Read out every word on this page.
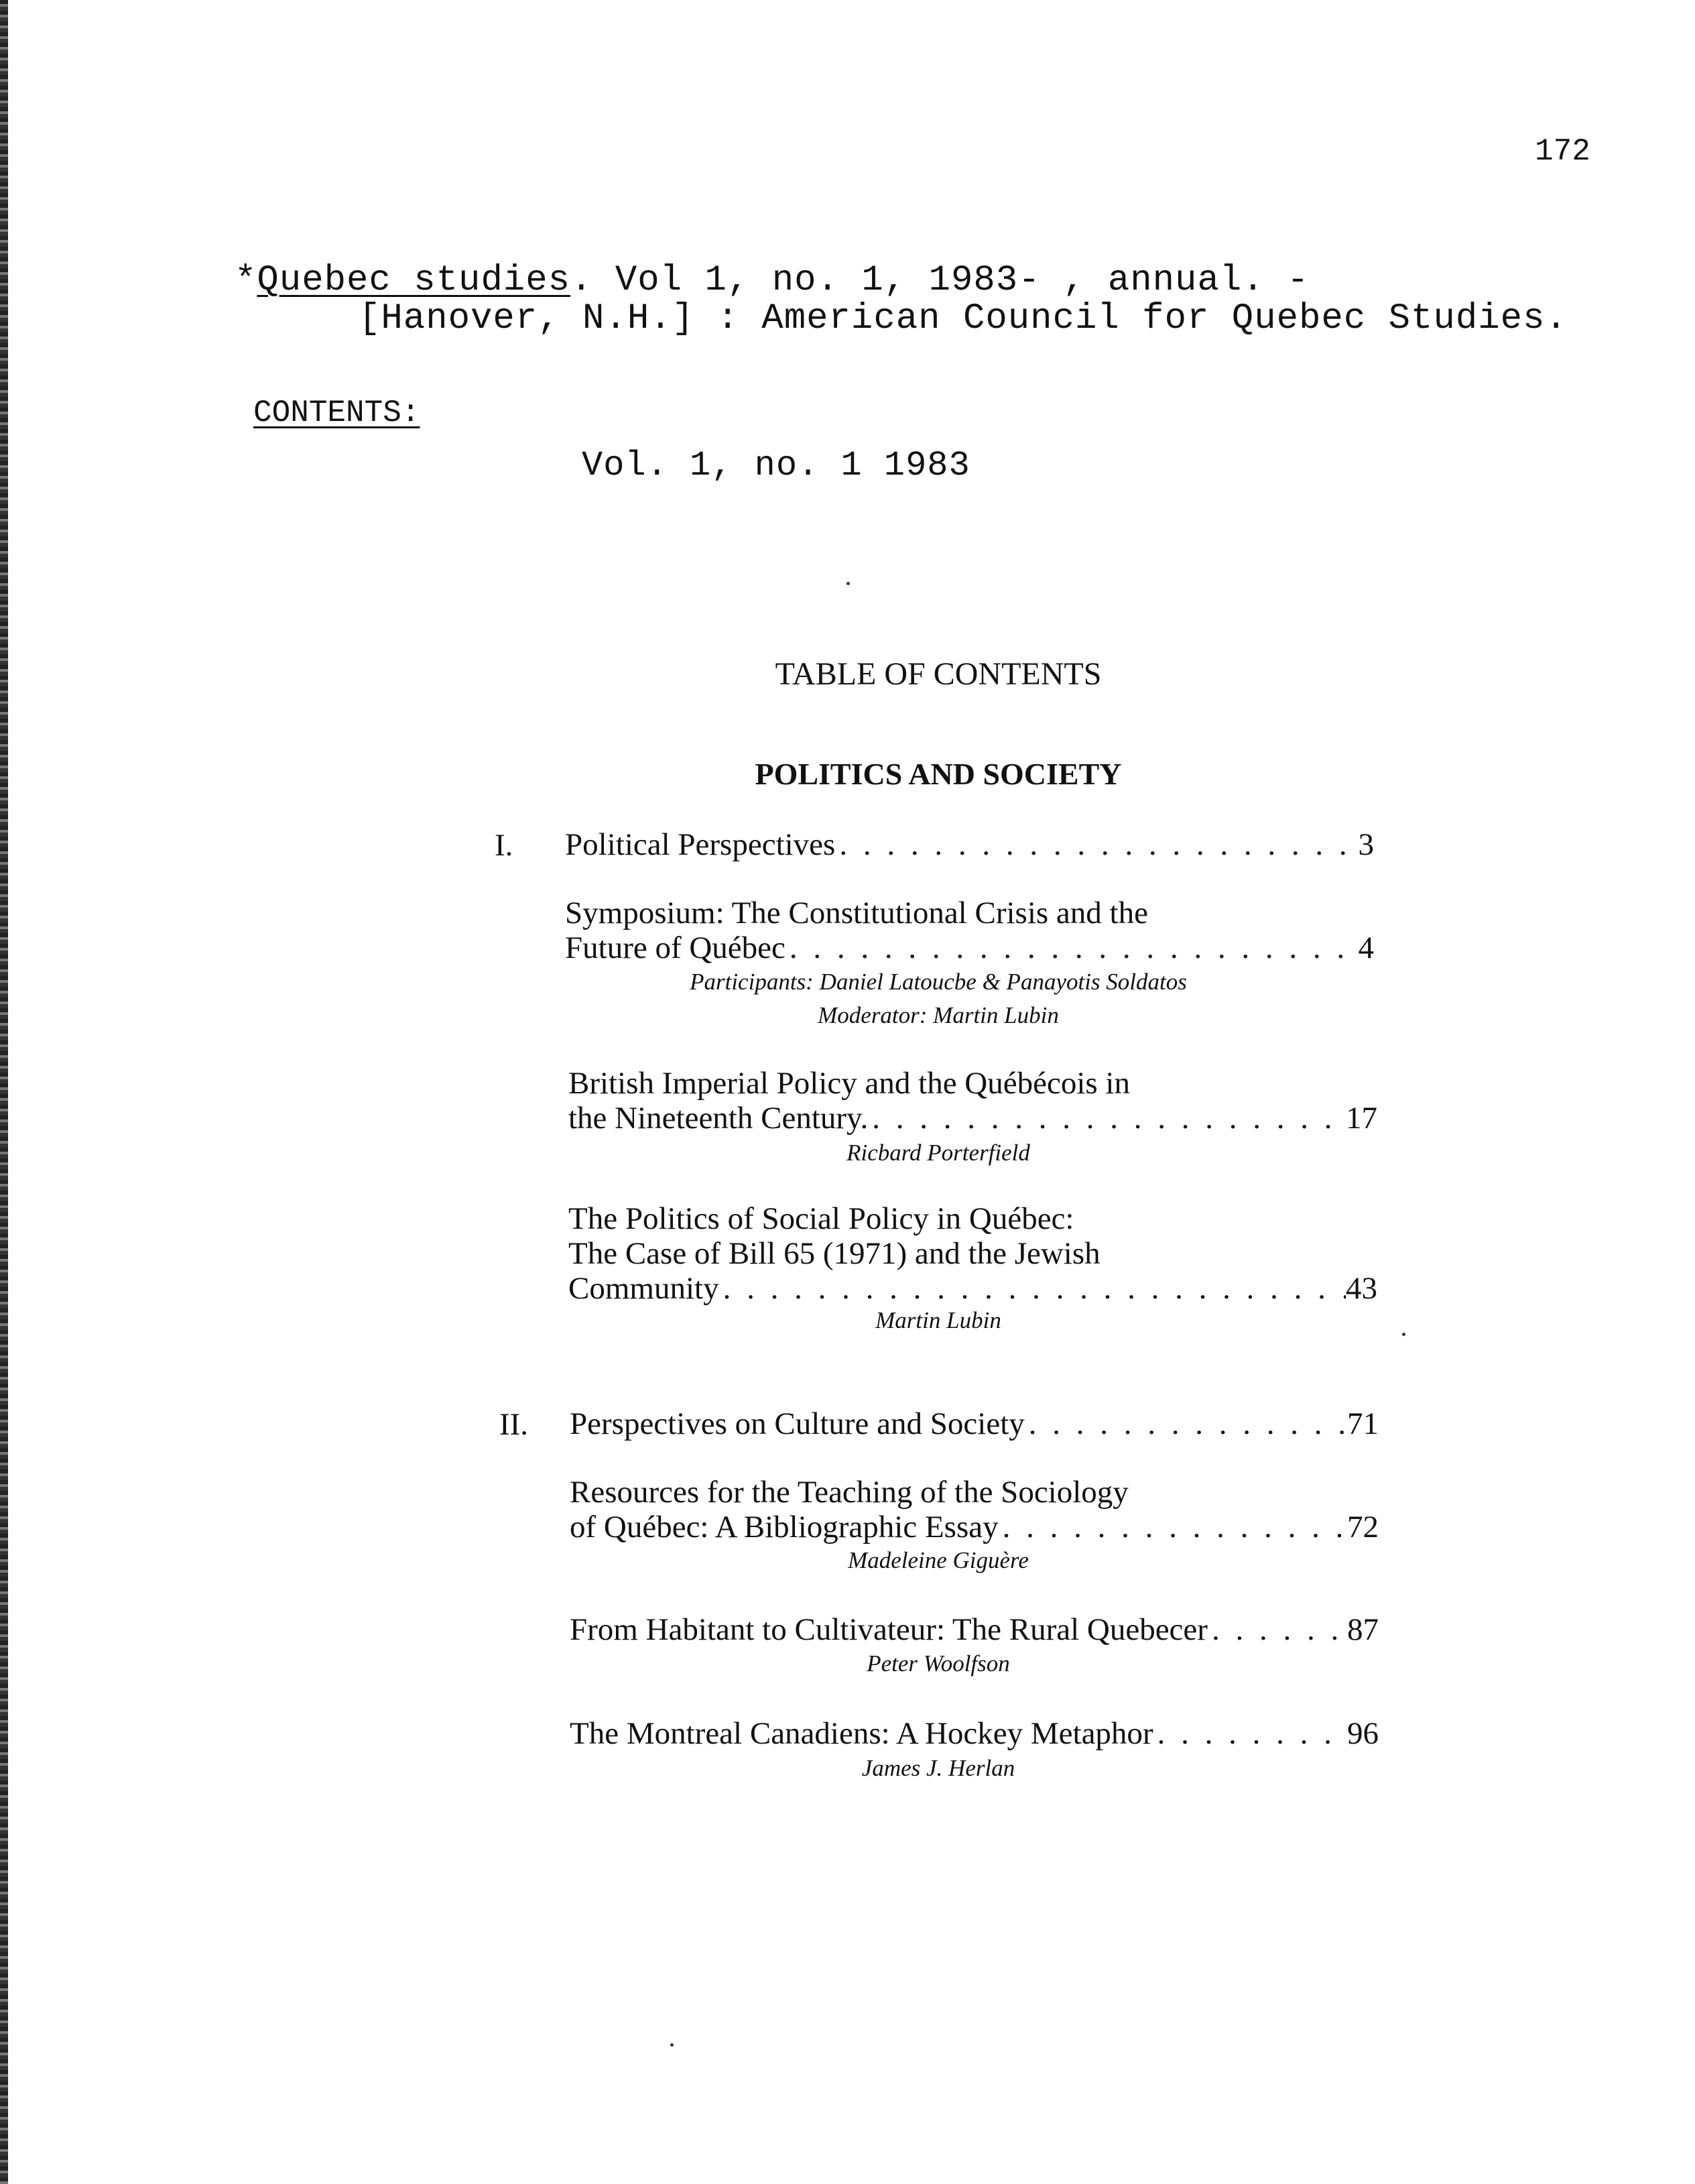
172
*Quebec studies. Vol 1, no. 1, 1983- , annual. -
[Hanover, N.H.] : American Council for Quebec Studies.
CONTENTS:
Vol. 1, no. 1 1983
TABLE OF CONTENTS
POLITICS AND SOCIETY
I. Political Perspectives . . .	3
Symposium: The Constitutional Crisis and the
Future of Québec . . .	4
Participants: Daniel Latoucbe & Panayotis Soldatos
Moderator: Martin Lubin
British Imperial Policy and the Québécois in
the Nineteenth Century. . . .	17
Ricbard Porterfield
The Politics of Social Policy in Québec:
The Case of Bill 65 (1971) and the Jewish
Community . . .	43
Martin Lubin
II. Perspectives on Culture and Society . . .	71
Resources for the Teaching of the Sociology
of Québec: A Bibliographic Essay . . .	72
Madeleine Giguère
From Habitant to Cultivateur: The Rural Quebecer . . .	87
Peter Woolfson
The Montreal Canadiens: A Hockey Metaphor . . .	96
James J. Herlan
